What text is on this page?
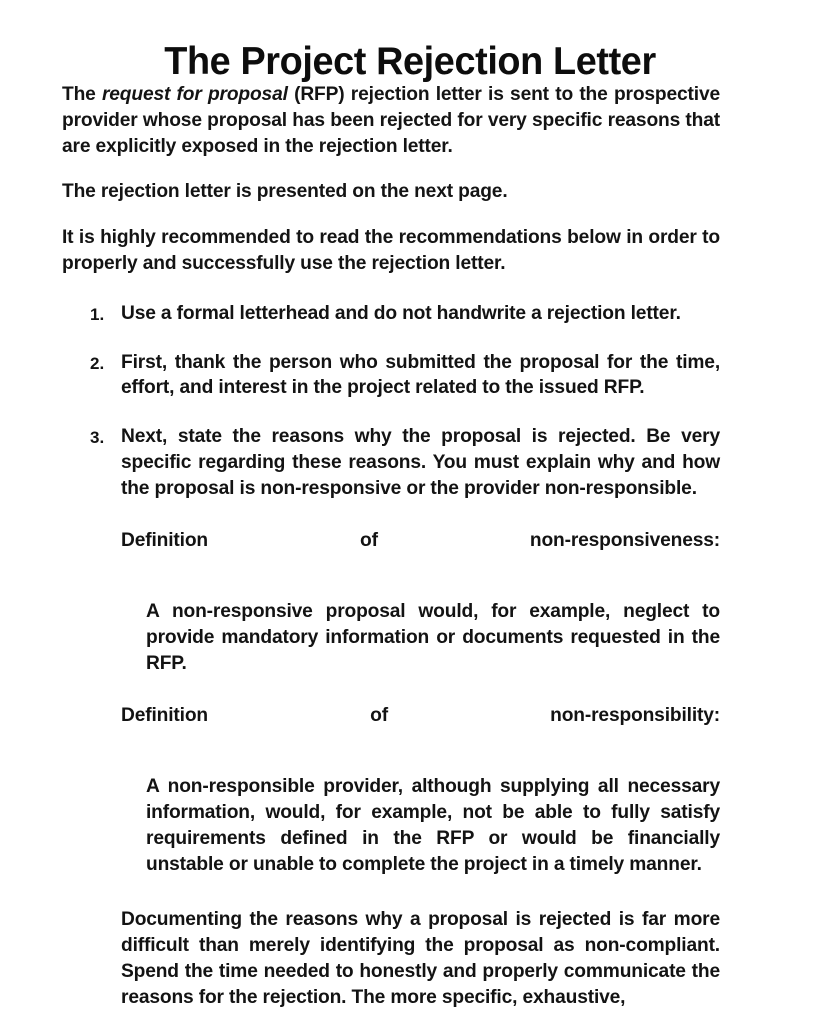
The Project Rejection Letter

The request for proposal (RFP) rejection letter is sent to the prospective provider whose proposal has been rejected for very specific reasons that are explicitly exposed in the rejection letter.

The rejection letter is presented on the next page.

It is highly recommended to read the recommendations below in order to properly and successfully use the rejection letter.

1. Use a formal letterhead and do not handwrite a rejection letter.
2. First, thank the person who submitted the proposal for the time, effort, and interest in the project related to the issued RFP.
3. Next, state the reasons why the proposal is rejected. Be very specific regarding these reasons. You must explain why and how the proposal is non-responsive or the provider non-responsible.

Definition	of	non-responsiveness:

A non-responsive proposal would, for example, neglect to provide mandatory information or documents requested in the RFP.

Definition	of	non-responsibility:

A non-responsible provider, although supplying all necessary information, would, for example, not be able to fully satisfy requirements defined in the RFP or would be financially unstable or unable to complete the project in a timely manner.

Documenting the reasons why a proposal is rejected is far more difficult than merely identifying the proposal as non-compliant. Spend the time needed to honestly and properly communicate the reasons for the rejection. The more specific, exhaustive,
